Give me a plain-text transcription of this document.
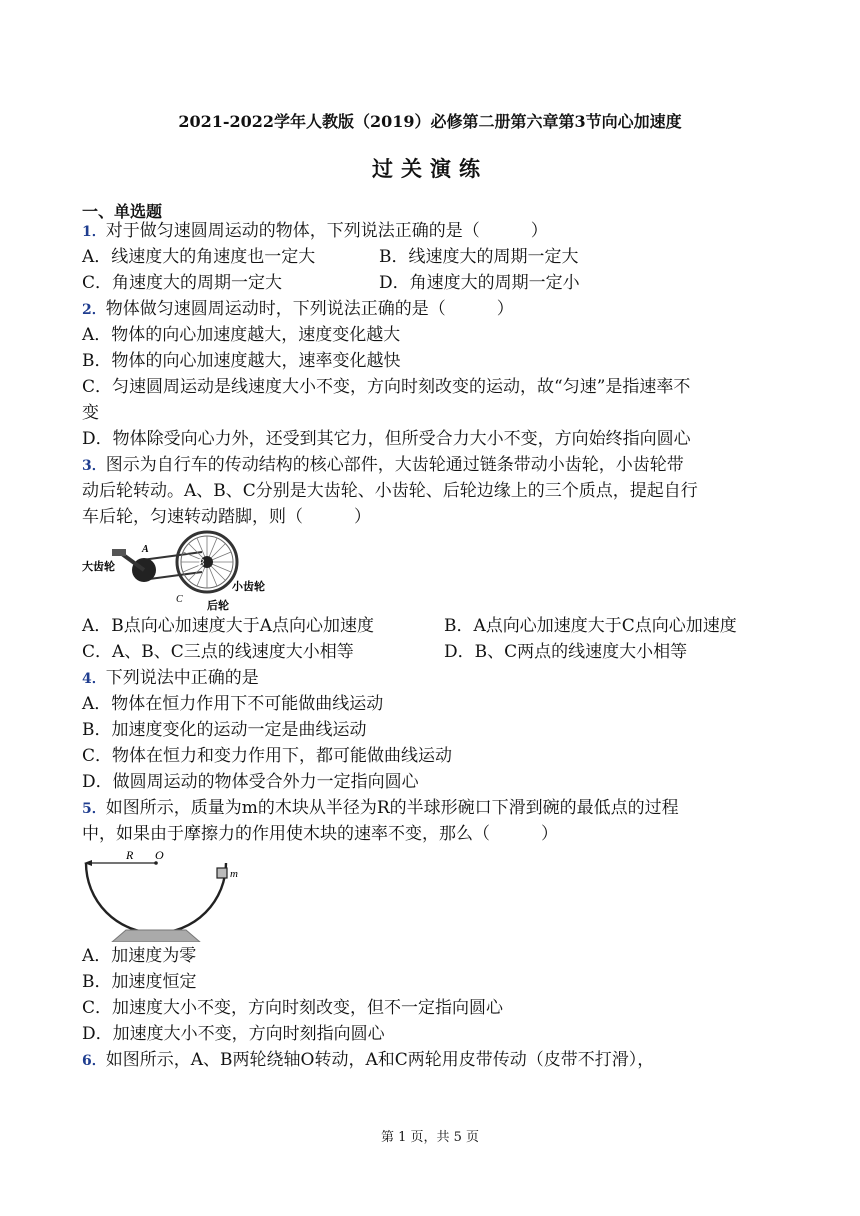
2021-2022学年人教版（2019）必修第二册第六章第3节向心加速度
过关演练
一、单选题
1．对于做匀速圆周运动的物体，下列说法正确的是（　　　）
A．线速度大的角速度也一定大	B．线速度大的周期一定大
C．角速度大的周期一定大	D．角速度大的周期一定小
2．物体做匀速圆周运动时，下列说法正确的是（　　　）
A．物体的向心加速度越大，速度变化越大
B．物体的向心加速度越大，速率变化越快
C．匀速圆周运动是线速度大小不变，方向时刻改变的运动，故“匀速”是指速率不
变
D．物体除受向心力外，还受到其它力，但所受合力大小不变，方向始终指向圆心
3．图示为自行车的传动结构的核心部件，大齿轮通过链条带动小齿轮，小齿轮带
动后轮转动。A、B、C分别是大齿轮、小齿轮、后轮边缘上的三个质点，提起自行
车后轮，匀速转动踏脚，则（　　　）
大齿轮
A
B
小齿轮
C 后轮
A．B点向心加速度大于A点向心加速度	B．A点向心加速度大于C点向心加速度
C．A、B、C三点的线速度大小相等	D．B、C两点的线速度大小相等
4．下列说法中正确的是
A．物体在恒力作用下不可能做曲线运动
B．加速度变化的运动一定是曲线运动
C．物体在恒力和变力作用下，都可能做曲线运动
D．做圆周运动的物体受合外力一定指向圆心
5．如图所示，质量为m的木块从半径为R的半球形碗口下滑到碗的最低点的过程
中，如果由于摩擦力的作用使木块的速率不变，那么（　　　）
R O
m
A．加速度为零
B．加速度恒定
C．加速度大小不变，方向时刻改变，但不一定指向圆心
D．加速度大小不变，方向时刻指向圆心
6．如图所示，A、B两轮绕轴O转动，A和C两轮用皮带传动（皮带不打滑），
第 1 页，共 5 页
